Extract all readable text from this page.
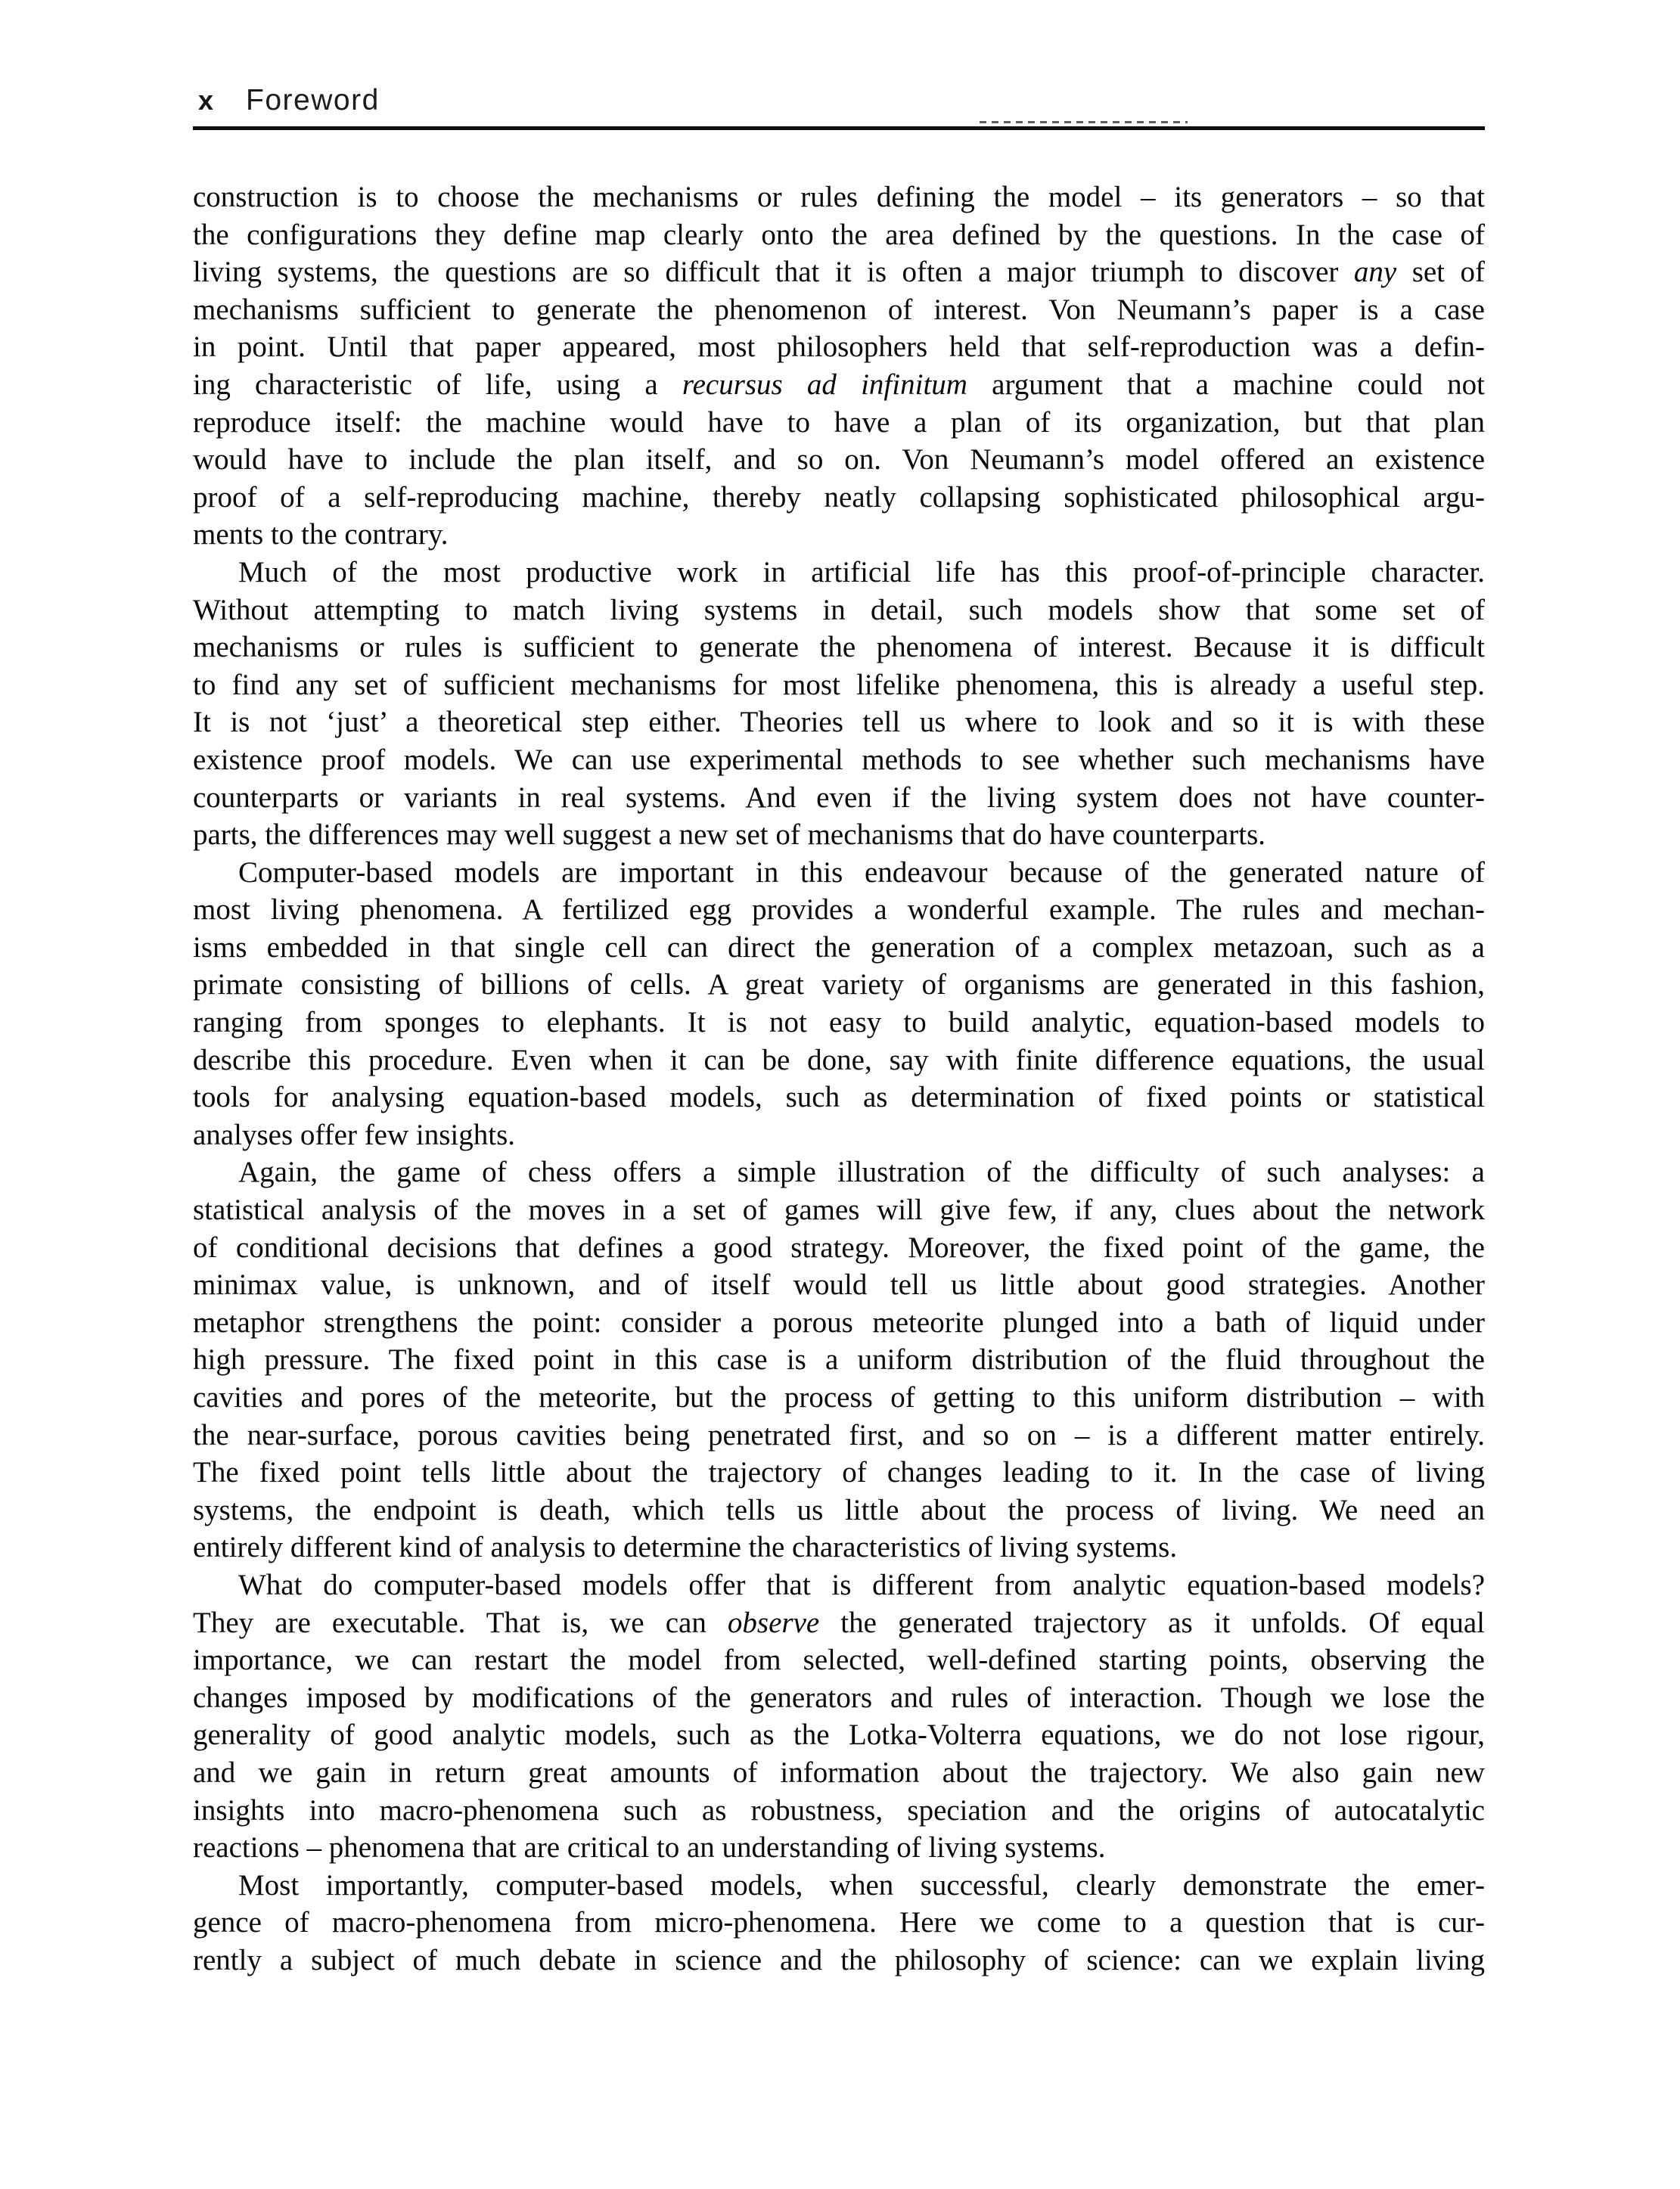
x Foreword
construction is to choose the mechanisms or rules defining the model – its generators – so that
the configurations they define map clearly onto the area defined by the questions. In the case of
living systems, the questions are so difficult that it is often a major triumph to discover any set of
mechanisms sufficient to generate the phenomenon of interest. Von Neumann’s paper is a case
in point. Until that paper appeared, most philosophers held that self-reproduction was a defin-
ing characteristic of life, using a recursus ad infinitum argument that a machine could not
reproduce itself: the machine would have to have a plan of its organization, but that plan
would have to include the plan itself, and so on. Von Neumann’s model offered an existence
proof of a self-reproducing machine, thereby neatly collapsing sophisticated philosophical argu-
ments to the contrary.
Much of the most productive work in artificial life has this proof-of-principle character.
Without attempting to match living systems in detail, such models show that some set of
mechanisms or rules is sufficient to generate the phenomena of interest. Because it is difficult
to find any set of sufficient mechanisms for most lifelike phenomena, this is already a useful step.
It is not ‘just’ a theoretical step either. Theories tell us where to look and so it is with these
existence proof models. We can use experimental methods to see whether such mechanisms have
counterparts or variants in real systems. And even if the living system does not have counter-
parts, the differences may well suggest a new set of mechanisms that do have counterparts.
Computer-based models are important in this endeavour because of the generated nature of
most living phenomena. A fertilized egg provides a wonderful example. The rules and mechan-
isms embedded in that single cell can direct the generation of a complex metazoan, such as a
primate consisting of billions of cells. A great variety of organisms are generated in this fashion,
ranging from sponges to elephants. It is not easy to build analytic, equation-based models to
describe this procedure. Even when it can be done, say with finite difference equations, the usual
tools for analysing equation-based models, such as determination of fixed points or statistical
analyses offer few insights.
Again, the game of chess offers a simple illustration of the difficulty of such analyses: a
statistical analysis of the moves in a set of games will give few, if any, clues about the network
of conditional decisions that defines a good strategy. Moreover, the fixed point of the game, the
minimax value, is unknown, and of itself would tell us little about good strategies. Another
metaphor strengthens the point: consider a porous meteorite plunged into a bath of liquid under
high pressure. The fixed point in this case is a uniform distribution of the fluid throughout the
cavities and pores of the meteorite, but the process of getting to this uniform distribution – with
the near-surface, porous cavities being penetrated first, and so on – is a different matter entirely.
The fixed point tells little about the trajectory of changes leading to it. In the case of living
systems, the endpoint is death, which tells us little about the process of living. We need an
entirely different kind of analysis to determine the characteristics of living systems.
What do computer-based models offer that is different from analytic equation-based models?
They are executable. That is, we can observe the generated trajectory as it unfolds. Of equal
importance, we can restart the model from selected, well-defined starting points, observing the
changes imposed by modifications of the generators and rules of interaction. Though we lose the
generality of good analytic models, such as the Lotka-Volterra equations, we do not lose rigour,
and we gain in return great amounts of information about the trajectory. We also gain new
insights into macro-phenomena such as robustness, speciation and the origins of autocatalytic
reactions – phenomena that are critical to an understanding of living systems.
Most importantly, computer-based models, when successful, clearly demonstrate the emer-
gence of macro-phenomena from micro-phenomena. Here we come to a question that is cur-
rently a subject of much debate in science and the philosophy of science: can we explain living
